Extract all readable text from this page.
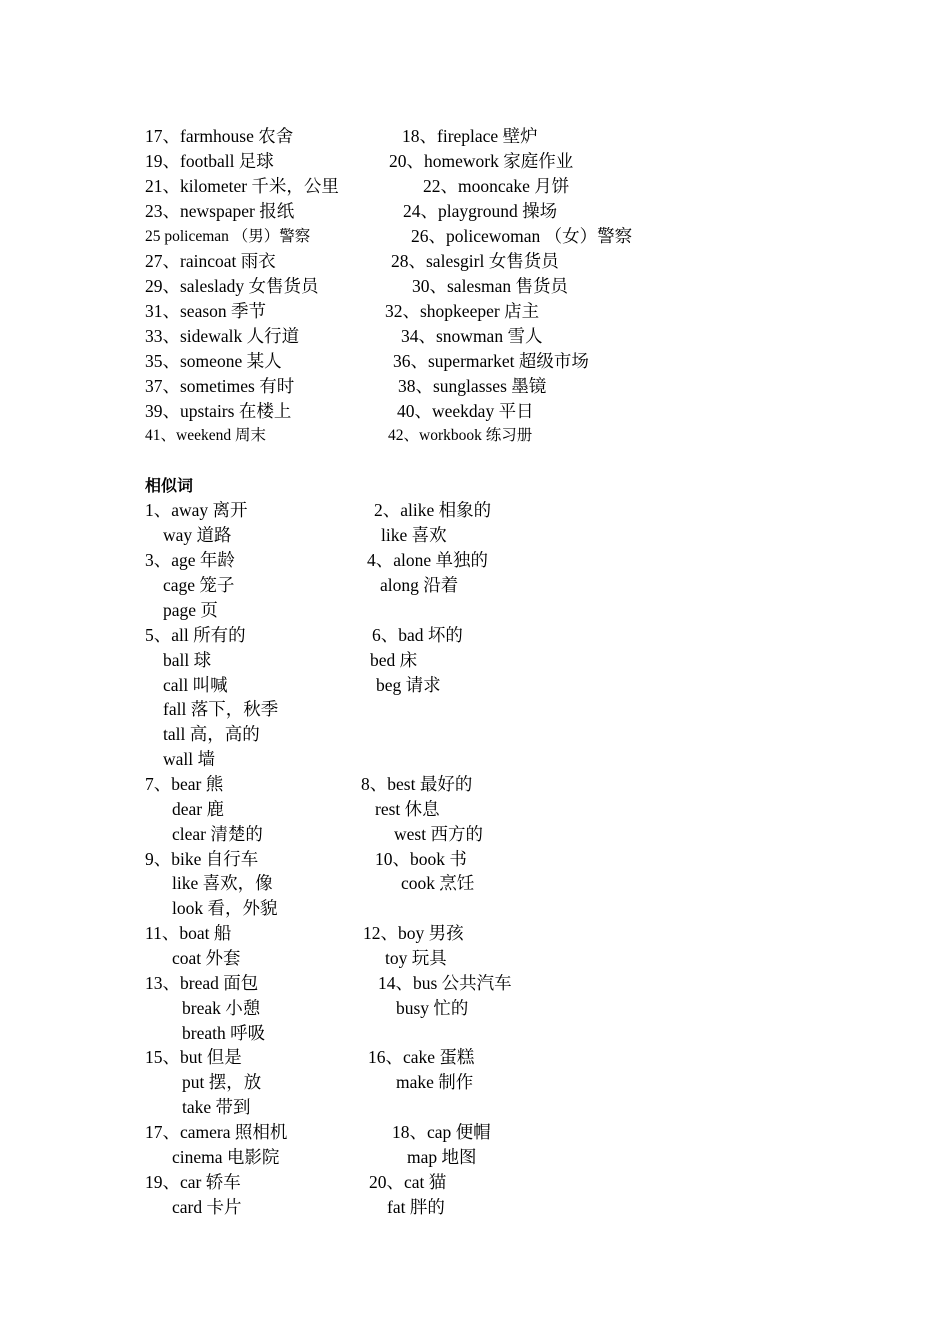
17、farmhouse 农舍	18、fireplace 壁炉
19、football 足球	20、homework 家庭作业
21、kilometer 千米，公里	22、mooncake 月饼
23、newspaper 报纸	24、playground 操场
25 policeman （男）警察	26、policewoman （女）警察
27、raincoat 雨衣	28、salesgirl 女售货员
29、saleslady 女售货员	30、salesman 售货员
31、season 季节	32、shopkeeper 店主
33、sidewalk 人行道	34、snowman 雪人
35、someone 某人	36、supermarket 超级市场
37、sometimes 有时	38、sunglasses 墨镜
39、upstairs 在楼上	40、weekday 平日
41、weekend 周末	42、workbook 练习册
相似词
1、away 离开	2、alike 相象的
way 道路	like 喜欢
3、age 年龄	4、alone 单独的
cage 笼子	along 沿着
page 页
5、all 所有的	6、bad 坏的
ball 球	bed 床
call 叫喊	beg 请求
fall 落下，秋季
tall 高，高的
wall 墙
7、bear 熊	8、best 最好的
dear 鹿	rest 休息
clear 清楚的	west 西方的
9、bike 自行车	10、book 书
like 喜欢，像	cook 烹饪
look 看，外貌
11、boat 船	12、boy 男孩
coat 外套	toy 玩具
13、bread 面包	14、bus 公共汽车
break 小憩	busy 忙的
breath 呼吸
15、but 但是	16、cake 蛋糕
put 摆，放	make 制作
take 带到
17、camera 照相机	18、cap 便帽
cinema 电影院	map 地图
19、car 轿车	20、cat 猫
card 卡片	fat 胖的
